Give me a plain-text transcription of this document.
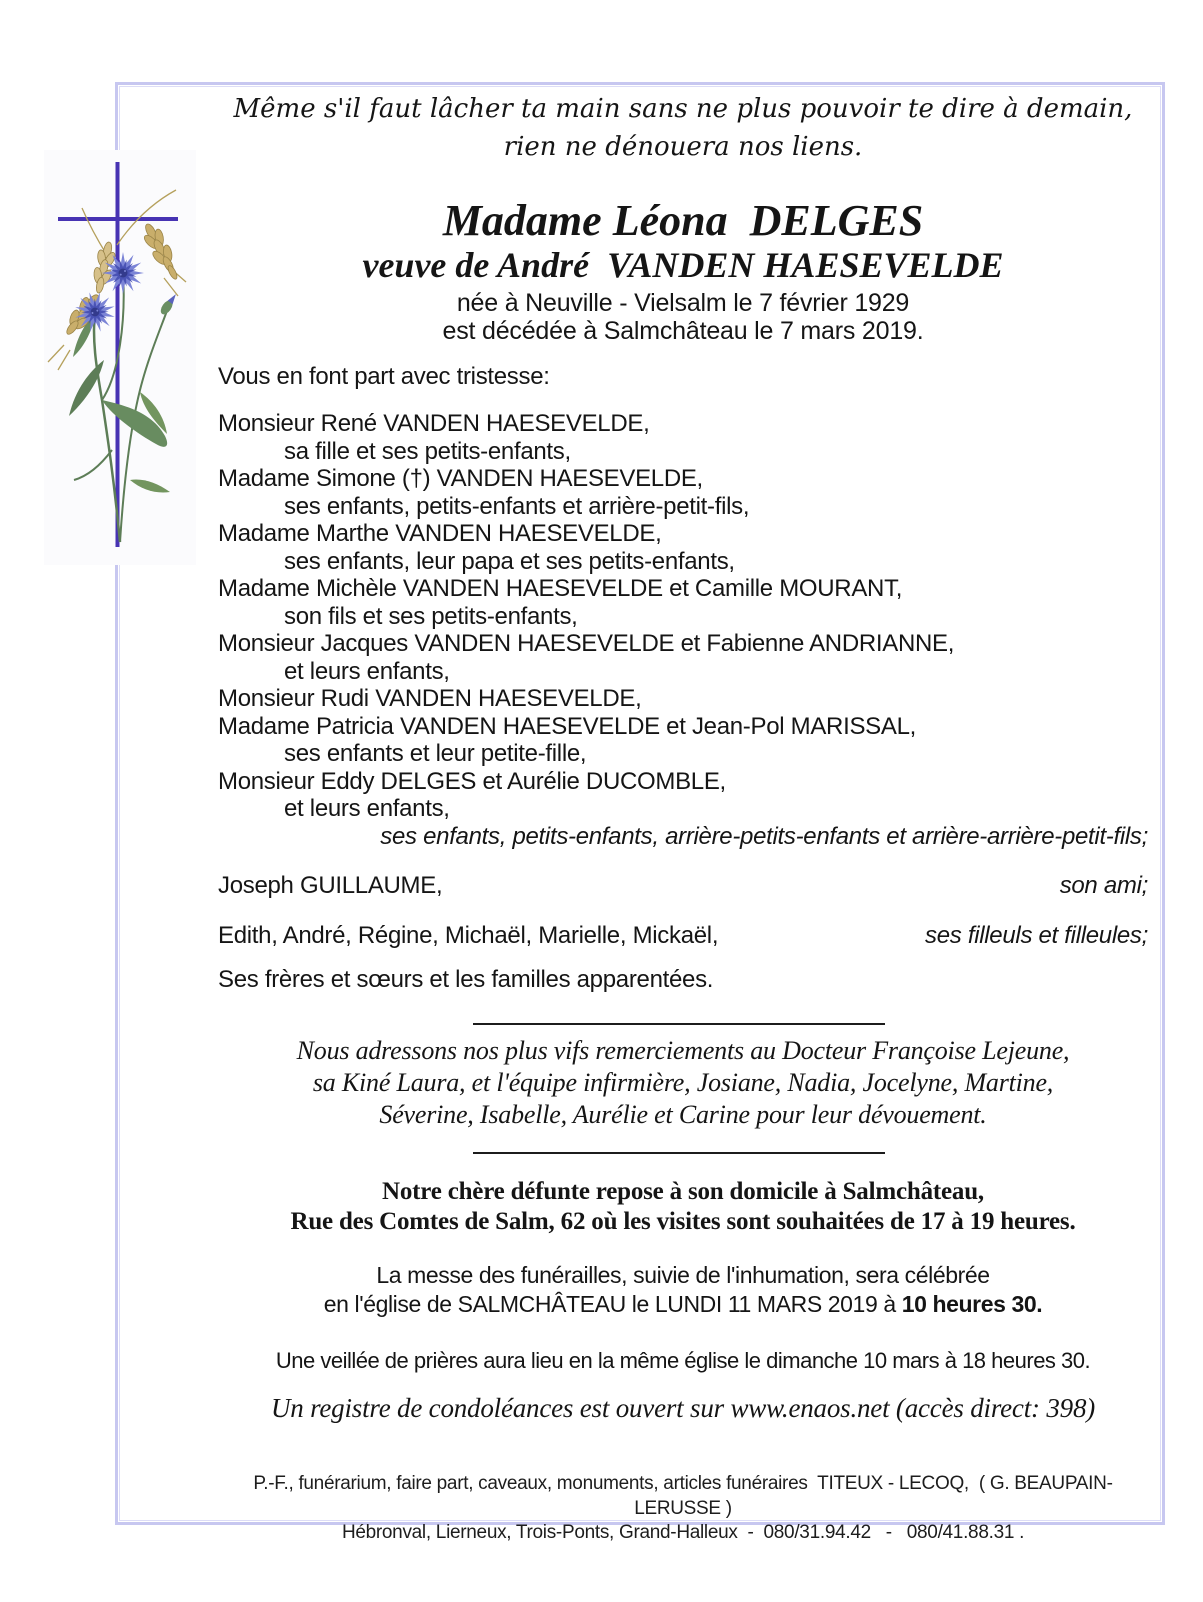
Même s'il faut lâcher ta main sans ne plus pouvoir te dire à demain,
rien ne dénouera nos liens.
Madame Léona  DELGES
veuve de André  VANDEN HAESEVELDE
née à Neuville - Vielsalm le 7 février 1929
est décédée à Salmchâteau le 7 mars 2019.
Vous en font part avec tristesse:
Monsieur René VANDEN HAESEVELDE,
sa fille et ses petits-enfants,
Madame Simone (†) VANDEN HAESEVELDE,
ses enfants, petits-enfants et arrière-petit-fils,
Madame Marthe VANDEN HAESEVELDE,
ses enfants, leur papa et ses petits-enfants,
Madame Michèle VANDEN HAESEVELDE et Camille MOURANT,
son fils et ses petits-enfants,
Monsieur Jacques VANDEN HAESEVELDE et Fabienne ANDRIANNE,
et leurs enfants,
Monsieur Rudi VANDEN HAESEVELDE,
Madame Patricia VANDEN HAESEVELDE et Jean-Pol MARISSAL,
ses enfants et leur petite-fille,
Monsieur Eddy DELGES et Aurélie DUCOMBLE,
et leurs enfants,
ses enfants, petits-enfants, arrière-petits-enfants et arrière-arrière-petit-fils;
Joseph GUILLAUME,	son ami;
Edith, André, Régine, Michaël, Marielle, Mickaël,	ses filleuls et filleules;
Ses frères et sœurs et les familles apparentées.
Nous adressons nos plus vifs remerciements au Docteur Françoise Lejeune,
sa Kiné Laura, et l'équipe infirmière, Josiane, Nadia, Jocelyne, Martine,
Séverine, Isabelle, Aurélie et Carine pour leur dévouement.
Notre chère défunte repose à son domicile à Salmchâteau,
Rue des Comtes de Salm, 62 où les visites sont souhaitées de 17 à 19 heures.
La messe des funérailles, suivie de l'inhumation, sera célébrée
en l'église de SALMCHÂTEAU le LUNDI 11 MARS 2019 à 10 heures 30.
Une veillée de prières aura lieu en la même église le dimanche 10 mars à 18 heures 30.
Un registre de condoléances est ouvert sur www.enaos.net (accès direct: 398)
P.-F., funérarium, faire part, caveaux, monuments, articles funéraires  TITEUX - LECOQ,  ( G. BEAUPAIN-LERUSSE )
Hébronval, Lierneux, Trois-Ponts, Grand-Halleux  -  080/31.94.42   -   080/41.88.31 .
